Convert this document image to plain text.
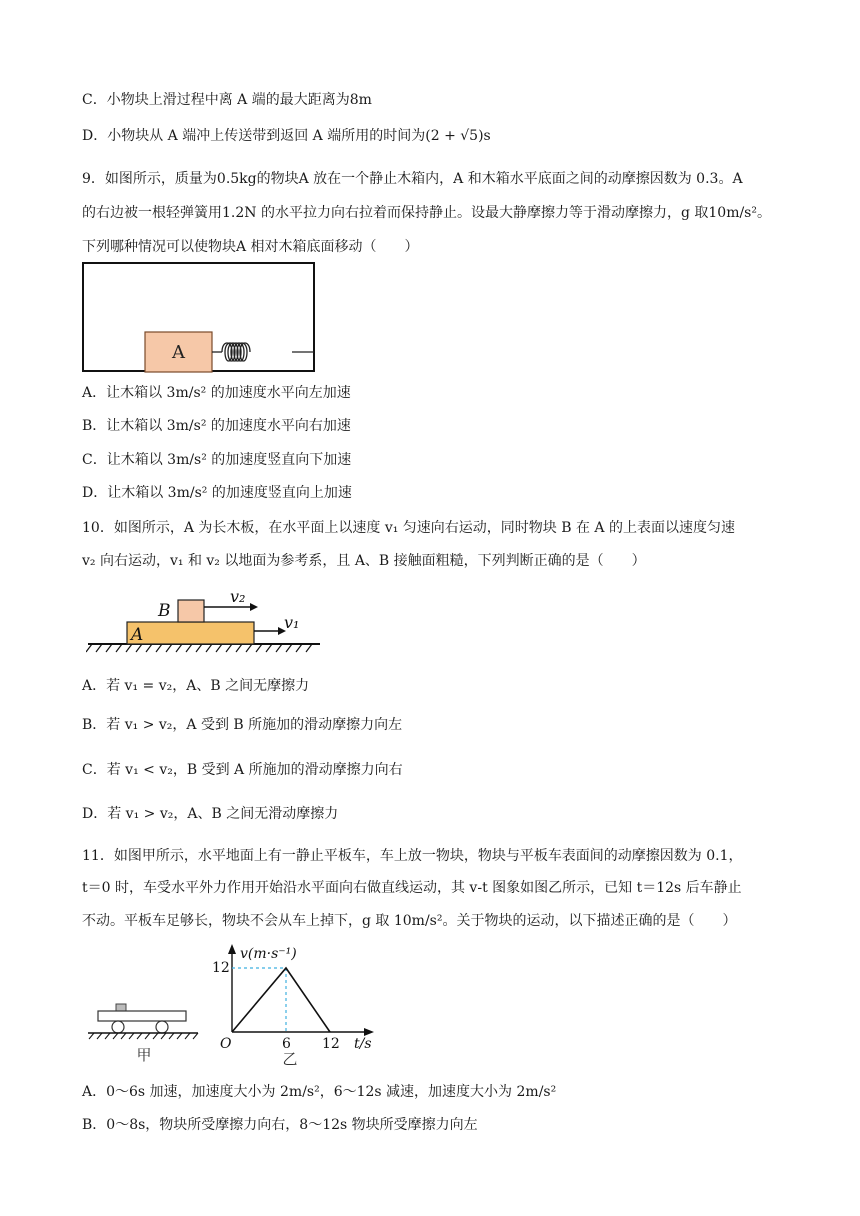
C．小物块上滑过程中离 A 端的最大距离为8m
D．小物块从 A 端冲上传送带到返回 A 端所用的时间为(2 + √5)s
9．如图所示，质量为0.5kg的物块A 放在一个静止木箱内，A 和木箱水平底面之间的动摩擦因数为 0.3。A
的右边被一根轻弹簧用1.2N 的水平拉力向右拉着而保持静止。设最大静摩擦力等于滑动摩擦力，g 取10m/s²。
下列哪种情况可以使物块A 相对木箱底面移动（　　）
A
A．让木箱以 3m/s² 的加速度水平向左加速
B．让木箱以 3m/s² 的加速度水平向右加速
C．让木箱以 3m/s² 的加速度竖直向下加速
D．让木箱以 3m/s² 的加速度竖直向上加速
10．如图所示，A 为长木板，在水平面上以速度 v₁ 匀速向右运动，同时物块 B 在 A 的上表面以速度匀速
v₂ 向右运动，v₁ 和 v₂ 以地面为参考系，且 A、B 接触面粗糙，下列判断正确的是（　　）
B
A
v₂
v₁
A．若 v₁ = v₂，A、B 之间无摩擦力
B．若 v₁ > v₂，A 受到 B 所施加的滑动摩擦力向左
C．若 v₁ < v₂，B 受到 A 所施加的滑动摩擦力向右
D．若 v₁ > v₂，A、B 之间无滑动摩擦力
11．如图甲所示，水平地面上有一静止平板车，车上放一物块，物块与平板车表面间的动摩擦因数为 0.1，
t＝0 时，车受水平外力作用开始沿水平面向右做直线运动，其 v-t 图象如图乙所示，已知 t＝12s 后车静止
不动。平板车足够长，物块不会从车上掉下，g 取 10m/s²。关于物块的运动，以下描述正确的是（　　）
甲
v(m·s⁻¹)
12
O	6 12 t/s
乙
A．0～6s 加速，加速度大小为 2m/s²，6～12s 减速，加速度大小为 2m/s²
B．0～8s，物块所受摩擦力向右，8～12s 物块所受摩擦力向左
